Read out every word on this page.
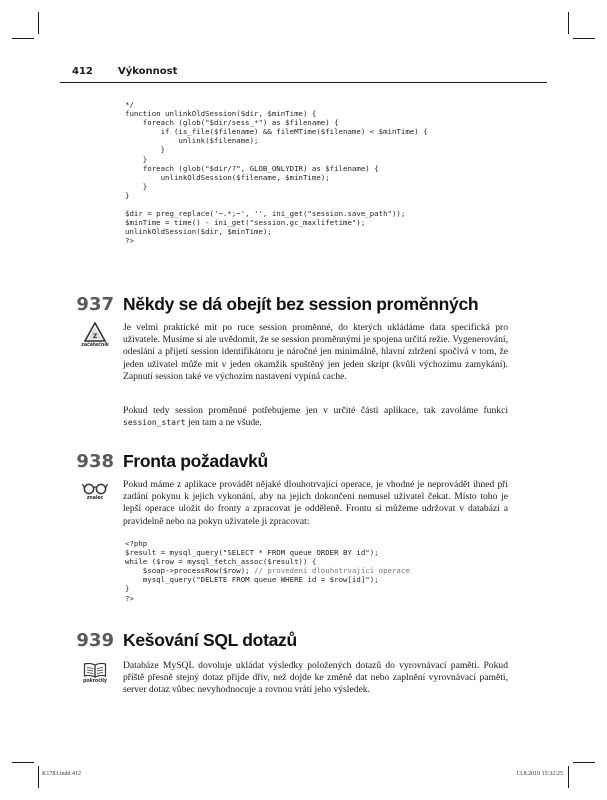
412	Výkonnost
*/
function unlinkOldSession($dir, $minTime) {
foreach (glob("$dir/sess_*") as $filename) {
if (is_file($filename) && fileMTime($filename) < $minTime) {
unlink($filename);
}
}
foreach (glob("$dir/?", GLOB_ONLYDIR) as $filename) {
unlinkOldSession($filename, $minTime);
}
}
$dir = preg_replace('~.*;~', '', ini_get("session.save_path"));
$minTime = time() - ini_get("session.gc_maxlifetime");
unlinkOldSession($dir, $minTime);
?>
937 Někdy se dá obejít bez session proměnných
Z
začátečník

Je velmi praktické mít po ruce session proměnné, do kterých ukládáme data specifická pro uživatele. Musíme si ale uvědomit, že se session proměnnými je spojena určitá režie. Vygenerování, odeslání a přijetí session identifikátoru je náročné jen minimálně, hlavní zdržení spočívá v tom, že jeden uživatel může mít v jeden okamžik spuštěný jen jeden skript (kvůli výchozímu zamykání). Zapnutí session také ve výchozím nastavení vypíná cache.

Pokud tedy session proměnné potřebujeme jen v určité části aplikace, tak zavoláme funkci session_start jen tam a ne všude.

938 Fronta požadavků
znalec

Pokud máme z aplikace provádět nějaké dlouhotrvající operace, je vhodné je neprovádět ihned při zadání pokynu k jejich vykonání, aby na jejich dokončení nemusel uživatel čekat. Místo toho je lepší operace uložit do fronty a zpracovat je odděleně. Frontu si můžeme udržovat v databázi a pravidelně nebo na pokyn uživatele ji zpracovat:

<?php
$result = mysql_query("SELECT * FROM queue ORDER BY id");
while ($row = mysql_fetch_assoc($result)) {
$soap->processRow($row); // provedení dlouhotrvající operace
mysql_query("DELETE FROM queue WHERE id = $row[id]");
}
?>
939 Kešování SQL dotazů
pokročilý

Databáze MySQL dovoluje ukládat výsledky položených dotazů do vyrovnávací paměti. Pokud příště přesně stejný dotaz přijde dřív, než dojde ke změně dat nebo zaplnění vyrovnávací paměti, server dotaz vůbec nevyhodnocuje a rovnou vrátí jeho výsledek.

K1783.indd 412	13.8.2010 15:32:25
